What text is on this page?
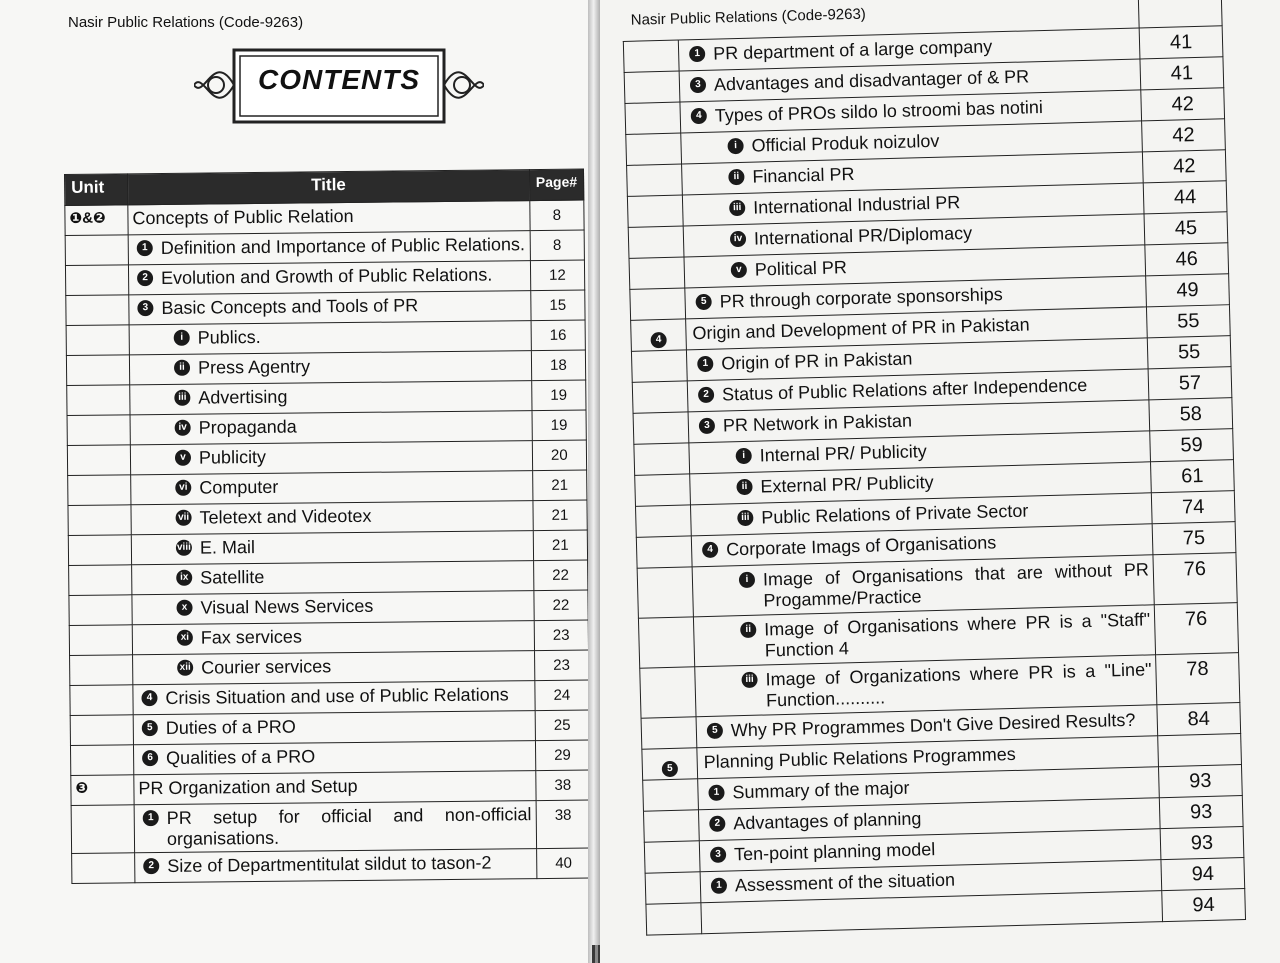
Nasir Public Relations (Code-9263)
CONTENTS
Unit	Title	Page#
❶&❷	Concepts of Public Relation	8

	1 Definition and Importance of Public Relations.	8

	2 Evolution and Growth of Public Relations.	12

	3 Basic Concepts and Tools of PR	15

	i Publics.	16

	ii Press Agentry	18

	iii Advertising	19

	iv Propaganda	19

	v Publicity	20

	vi Computer	21

	vii Teletext and Videotex	21

	viii E. Mail	21

	ix Satellite	22

	x Visual News Services	22

	xi Fax services	23

	xii Courier services	23

	4 Crisis Situation and use of Public Relations	24

	5 Duties of a PRO	25

	6 Qualities of a PRO	29
❸	PR Organization and Setup	38

	1 PR setup for official and non-official organisations.	38

	2 Size of Departmentitulat sildut to tason-2	40
Nasir Public Relations (Code-9263)		

	1 PR department of a large company	41

	3 Advantages and disadvantager of & PR	41

	4 Types of PROs sildo lo stroomi bas notini	42

	i Official Produk noizulov	42

	ii Financial PR	42

	iii International Industrial PR	44

	iv International PR/Diplomacy	45

	v Political PR	46

	5 PR through corporate sponsorships	49
4	Origin and Development of PR in Pakistan	55

	1 Origin of PR in Pakistan	55

	2 Status of Public Relations after Independence	57

	3 PR Network in Pakistan	58

	i Internal PR/ Publicity	59

	ii External PR/ Publicity	61

	iii Public Relations of Private Sector	74

	4 Corporate Imags of Organisations	75

	i Image of Organisations that are without PR Progamme/Practice	76

	ii Image of Organisations where PR is a "Staff" Function 4	76

	iii Image of Organizations where PR is a "Line" Function..........	78

	5 Why PR Programmes Don't Give Desired Results?	84
5	Planning Public Relations Programmes	

	1 Summary of the major	93

	2 Advantages of planning	93

	3 Ten-point planning model	93

	1 Assessment of the situation	94

	94
